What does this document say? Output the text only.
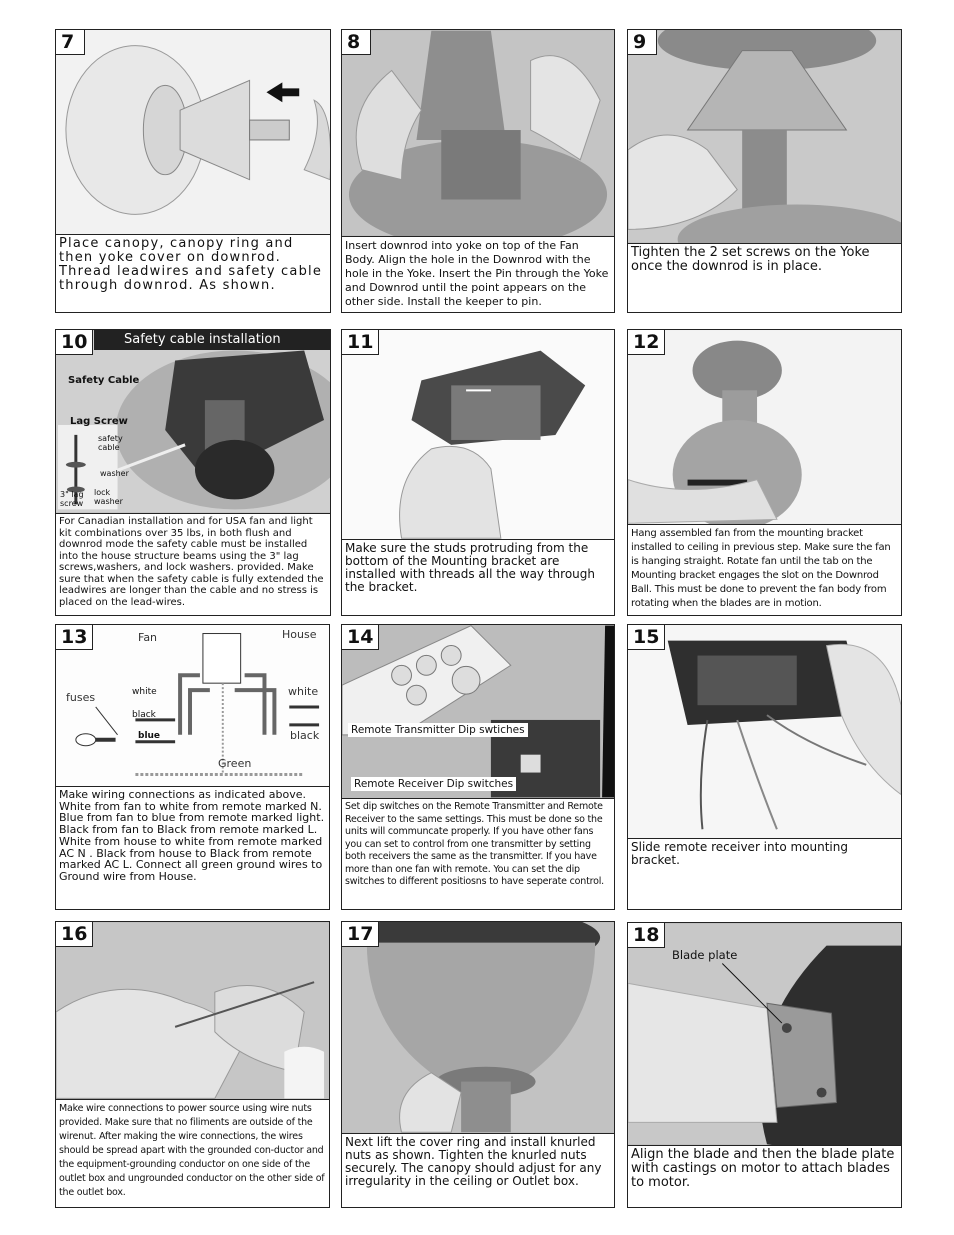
7

Place canopy, canopy ring and then yoke cover on downrod. Thread leadwires and safety cable through downrod. As shown.

8

Insert downrod into yoke on top of the Fan Body. Align the hole in the Downrod with the hole in the Yoke. Insert the Pin through the Yoke and Downrod until the point appears on the other side. Install the keeper to pin.

9

Tighten the 2 set screws on the Yoke once the downrod is in place.

Safety cable installation
10
Safety Cable
Lag Screw
safety cable
washer
lock washer
3" lag screw

For Canadian installation and for USA fan and light kit combinations over 35 lbs, in both flush and downrod mode the safety cable must be installed into the house structure beams using the 3" lag screws,washers, and lock washers. provided. Make sure that when the safety cable is fully extended the leadwires are longer than the cable and no stress is placed on the lead-wires.

11

Make sure the studs protruding from the bottom of the Mounting bracket are installed with threads all the way through the bracket.

12

Hang assembled fan from the mounting bracket installed to ceiling in previous step. Make sure the fan is hanging straight. Rotate fan until the tab on the Mounting bracket engages the slot on the Downrod Ball. This must be done to prevent the fan body from rotating when the blades are in motion.

13	Fan	House
fuses	white
black
blue
white
black
Green

Make wiring connections as indicated above. White from fan to white from remote marked N. Blue from fan to blue from remote marked light. Black from fan to Black from remote marked L. White from house to white from remote marked AC N . Black from house to Black from remote marked AC L. Connect all green ground wires to Ground wire from House.

14
Remote Transmitter Dip swtiches
Remote Receiver Dip switches

Set dip switches on the Remote Transmitter and Remote Receiver to the same settings. This must be done so the units will communcate properly. If you have other fans you can set to control from one transmitter by setting both receivers the same as the transmitter. If you have more than one fan with remote. You can set the dip switches to different positiosns to have seperate control.

15

Slide remote receiver into mounting bracket.

16

Make wire connections to power source using wire nuts provided. Make sure that no filiments are outside of the wirenut. After making the wire connections, the wires should be spread apart with the grounded con-ductor and the equipment-grounding conductor on one side of the outlet box and ungrounded conductor on the other side of the outlet box.

17

Next lift the cover ring and install knurled nuts as shown. Tighten the knurled nuts securely. The canopy should adjust for any irregularity in the ceiling or Outlet box.

18
Blade plate

Align the blade and then the blade plate with castings on motor to attach blades to motor.
